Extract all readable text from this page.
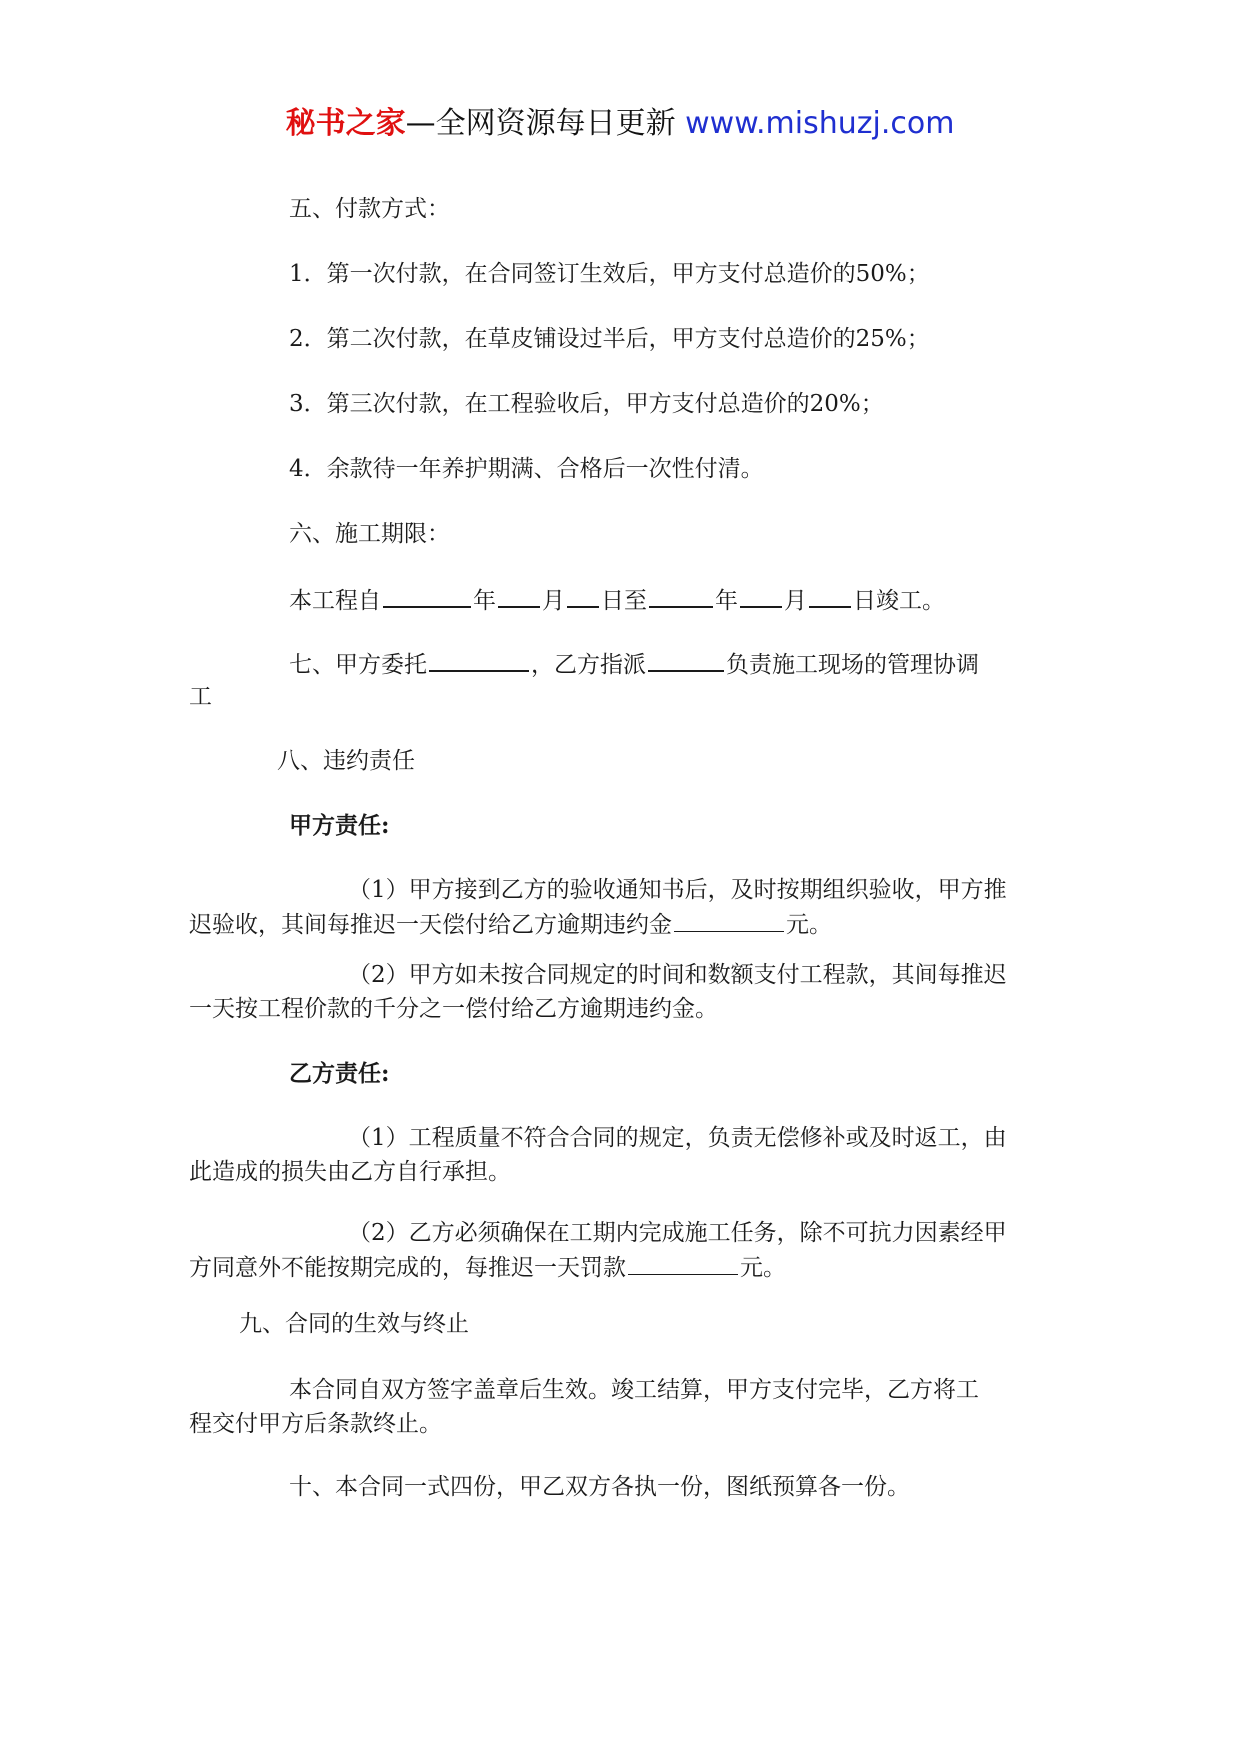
秘书之家—全网资源每日更新 www.mishuzj.com
五、付款方式：
1．第一次付款，在合同签订生效后，甲方支付总造价的50%；
2．第二次付款，在草皮铺设过半后，甲方支付总造价的25%；
3．第三次付款，在工程验收后，甲方支付总造价的20%；
4．余款待一年养护期满、合格后一次性付清。
六、施工期限：
本工程自	年 月 日至	年 月 日竣工。
七、甲方委托	，乙方指派	负责施工现场的管理协调
工
八、违约责任
甲方责任:
（1）甲方接到乙方的验收通知书后，及时按期组织验收，甲方推
迟验收，其间每推迟一天偿付给乙方逾期违约金	元。
（2）甲方如未按合同规定的时间和数额支付工程款，其间每推迟
一天按工程价款的千分之一偿付给乙方逾期违约金。
乙方责任:
（1）工程质量不符合合同的规定，负责无偿修补或及时返工，由
此造成的损失由乙方自行承担。
（2）乙方必须确保在工期内完成施工任务，除不可抗力因素经甲
方同意外不能按期完成的，每推迟一天罚款	元。
九、合同的生效与终止
本合同自双方签字盖章后生效。竣工结算，甲方支付完毕，乙方将工
程交付甲方后条款终止。
十、本合同一式四份，甲乙双方各执一份，图纸预算各一份。
